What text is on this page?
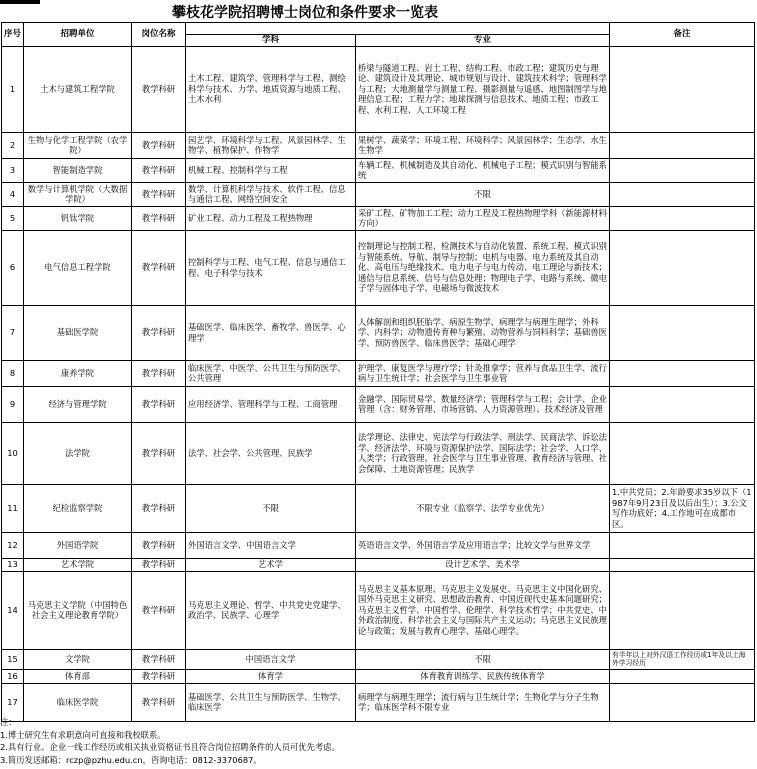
攀枝花学院招聘博士岗位和条件要求一览表
序号	招聘单位	岗位名称			备注
			学科	专业	
1	土木与建筑工程学院	教学科研	土木工程、建筑学、管理科学与工程、测绘科学与技术、力学、地质资源与地质工程、土木水利	桥梁与隧道工程、岩土工程、结构工程、市政工程；建筑历史与理论、建筑设计及其理论、城市规划与设计、建筑技术科学；管理科学与工程；大地测量学与测量工程、摄影测量与遥感、地图制图学与地理信息工程；工程力学；地球探测与信息技术、地质工程；市政工程、水利工程、人工环境工程	
2	生物与化学工程学院（农学院）	教学科研	园艺学、环境科学与工程、风景园林学、生物学、植物保护、作物学	果树学、蔬菜学；环境工程、环境科学；风景园林学；生态学、水生生物学	
3	智能制造学院	教学科研	机械工程、控制科学与工程	车辆工程、机械制造及其自动化、机械电子工程；模式识别与智能系统	
4	数学与计算机学院（大数据学院）	教学科研	数学、计算机科学与技术、软件工程、信息与通信工程、网络空间安全	不限	
5	钒钛学院	教学科研	矿业工程、动力工程及工程热物理	采矿工程、矿物加工工程；动力工程及工程热物理学科（新能源材料方向）	
6	电气信息工程学院	教学科研	控制科学与工程、电气工程、信息与通信工程、电子科学与技术	控制理论与控制工程、检测技术与自动化装置、系统工程、模式识别与智能系统、导航、制导与控制；电机与电器、电力系统及其自动化、高电压与绝缘技术、电力电子与电力传动、电工理论与新技术；通信与信息系统、信号与信息处理；物理电子学、电路与系统、微电子学与固体电子学、电磁场与微波技术	
7	基础医学院	教学科研	基础医学、临床医学、畜牧学、兽医学、心理学	人体解剖和组织胚胎学、病原生物学、病理学与病理生理学；外科学、内科学；动物遗传育种与繁殖、动物营养与饲料科学；基础兽医学、预防兽医学、临床兽医学；基础心理学	
8	康养学院	教学科研	临床医学、中医学、公共卫生与预防医学、公共管理	护理学、康复医学与理疗学；针灸推拿学；营养与食品卫生学、流行病与卫生统计学；社会医学与卫生事业管	
9	经济与管理学院	教学科研	应用经济学、管理科学与工程、工商管理	金融学、国际贸易学、数量经济学；管理科学与工程；会计学、企业管理（含：财务管理、市场营销、人力资源管理）、技术经济及管理	
10	法学院	教学科研	法学、社会学、公共管理、民族学	法学理论、法律史、宪法学与行政法学、刑法学、民商法学、诉讼法学、经济法学、环境与资源保护法学、国际法学；社会学、人口学、人类学；行政管理、社会医学与卫生事业管理、教育经济与管理、社会保障、土地资源管理；民族学	
11	纪检监察学院	教学科研	不限	不限专业（监察学、法学专业优先）	1.中共党员；2.年龄要求35岁以下（1987年9月23日及以后出生）；3.公文写作功底好；4.工作地可在成都市区。
12	外国语学院	教学科研	外国语言文学、中国语言文学	英语语言文学、外国语言学及应用语言学；比较文学与世界文学	
13	艺术学院	教学科研	艺术学	设计艺术学、美术学	
14	马克思主义学院（中国特色社会主义理论教育学院）	教学科研	马克思主义理论、哲学、中共党史党建学、政治学、民族学、心理学	马克思主义基本原理、马克思主义发展史、马克思主义中国化研究、国外马克思主义研究、思想政治教育、中国近现代史基本问题研究；马克思主义哲学、中国哲学、伦理学、科学技术哲学；中共党史、中外政治制度、科学社会主义与国际共产主义运动；马克思主义民族理论与政策；发展与教育心理学、基础心理学。	
15	文学院	教学科研	中国语言文学	不限	有半年以上对外汉语工作经历或1年及以上海外学习经历
16	体育部	教学科研	体育学	体育教育训练学、民族传统体育学	
17	临床医学院	教学科研	基础医学、公共卫生与预防医学、生物学、临床医学	病理学与病理生理学；流行病与卫生统计学；生物化学与分子生物学；临床医学科不限专业	
注：
1.博士研究生有求职意向可直接和我校联系。
2.具有行业、企业一线工作经历或相关执业资格证书且符合岗位招聘条件的人员可优先考虑。
3.简历发送邮箱：rczp@pzhu.edu.cn，咨询电话：0812-3370687。
